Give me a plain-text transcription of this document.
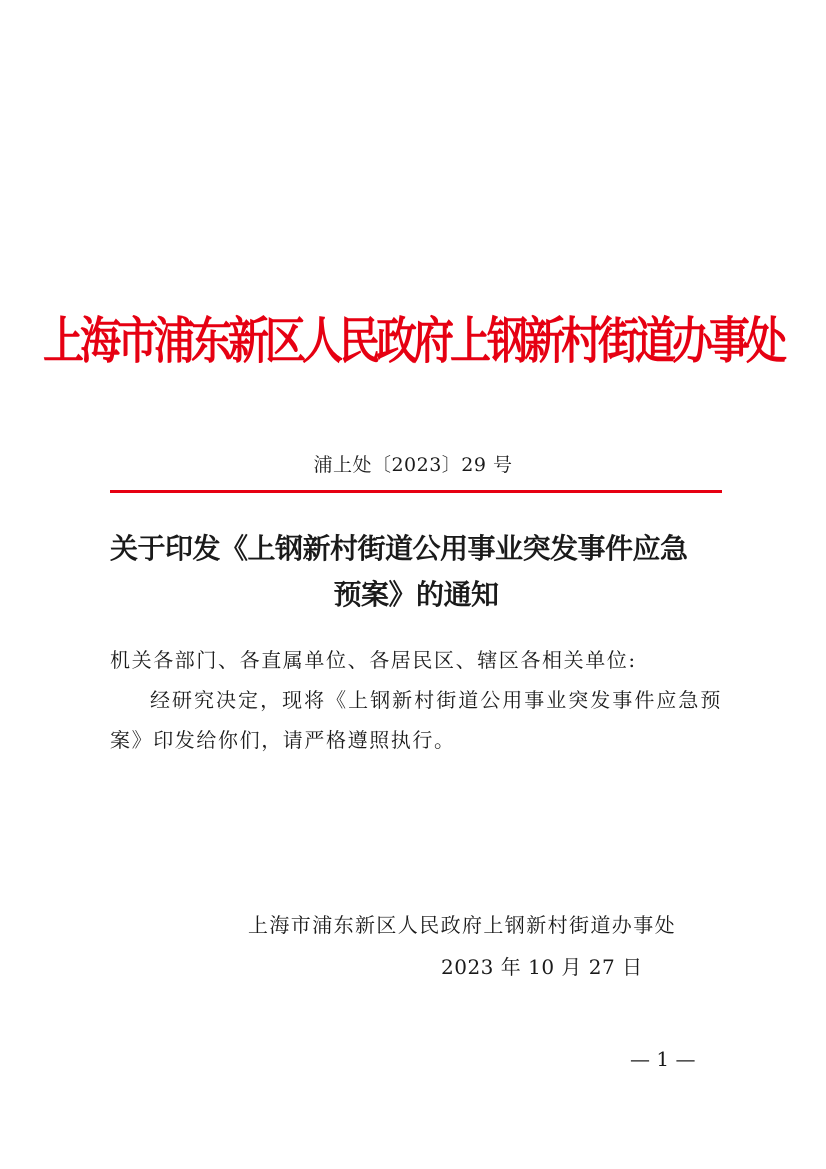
上海市浦东新区人民政府上钢新村街道办事处
浦上处〔2023〕29 号
关于印发《上钢新村街道公用事业突发事件应急
预案》的通知
机关各部门、各直属单位、各居民区、辖区各相关单位:
经研究决定，现将《上钢新村街道公用事业突发事件应急预案》印发给你们，请严格遵照执行。
上海市浦东新区人民政府上钢新村街道办事处
2023 年 10 月 27 日
— 1 —
